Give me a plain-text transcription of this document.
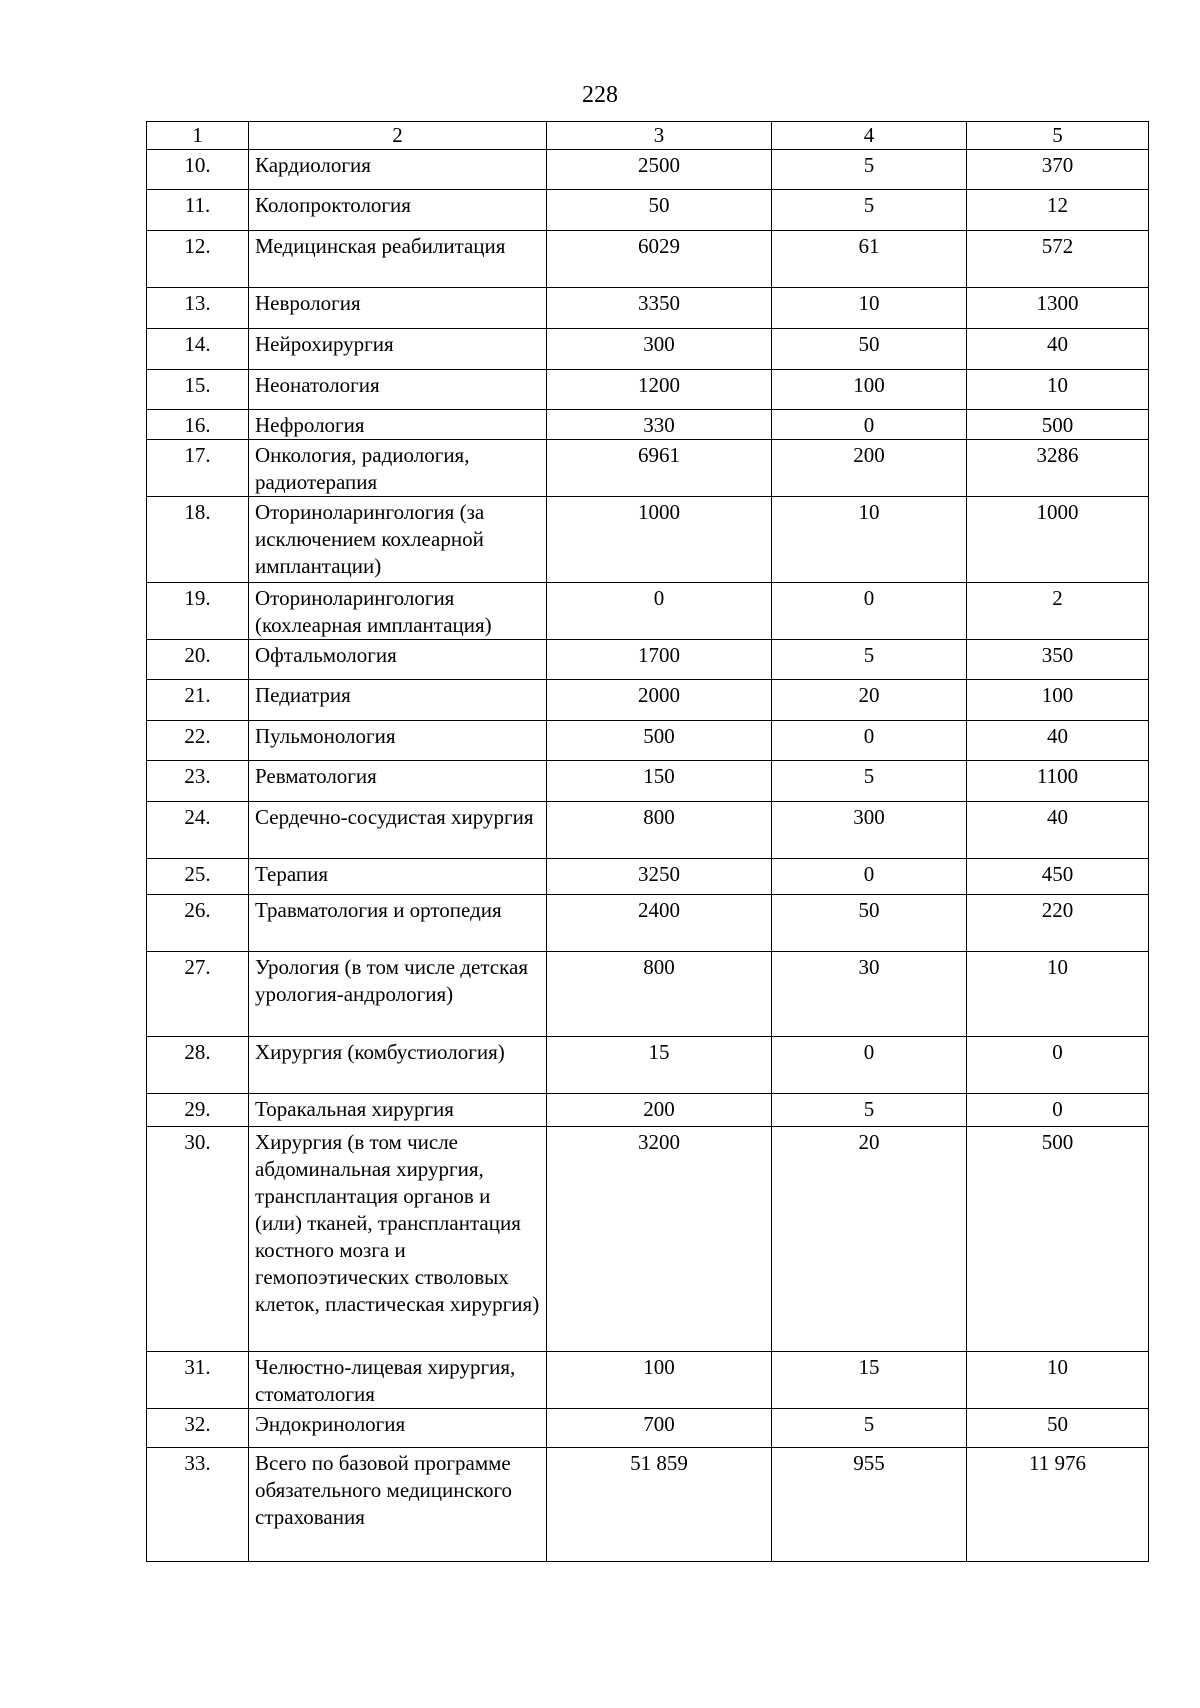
228
1	2	3	4	5
10.	Кардиология	2500	5	370
11.	Колопроктология	50	5	12
12.	Медицинская реабилитация	6029	61	572
13.	Неврология	3350	10	1300
14.	Нейрохирургия	300	50	40
15.	Неонатология	1200	100	10
16.	Нефрология	330	0	500
17.	Онкология, радиология, радиотерапия	6961	200	3286
18.	Оториноларингология (за исключением кохлеарной имплантации)	1000	10	1000
19.	Оториноларингология (кохлеарная имплантация)	0	0	2
20.	Офтальмология	1700	5	350
21.	Педиатрия	2000	20	100
22.	Пульмонология	500	0	40
23.	Ревматология	150	5	1100
24.	Сердечно-сосудистая хирургия	800	300	40
25.	Терапия	3250	0	450
26.	Травматология и ортопедия	2400	50	220
27.	Урология (в том числе детская урология-андрология)	800	30	10
28.	Хирургия (комбустиология)	15	0	0
29.	Торакальная хирургия	200	5	0
30.	Хирургия (в том числе абдоминальная хирургия, трансплантация органов и (или) тканей, трансплантация костного мозга и гемопоэтических стволовых клеток, пластическая хирургия)	3200	20	500
31.	Челюстно-лицевая хирургия, стоматология	100	15	10
32.	Эндокринология	700	5	50
33.	Всего по базовой программе обязательного медицинского страхования	51 859	955	11 976
